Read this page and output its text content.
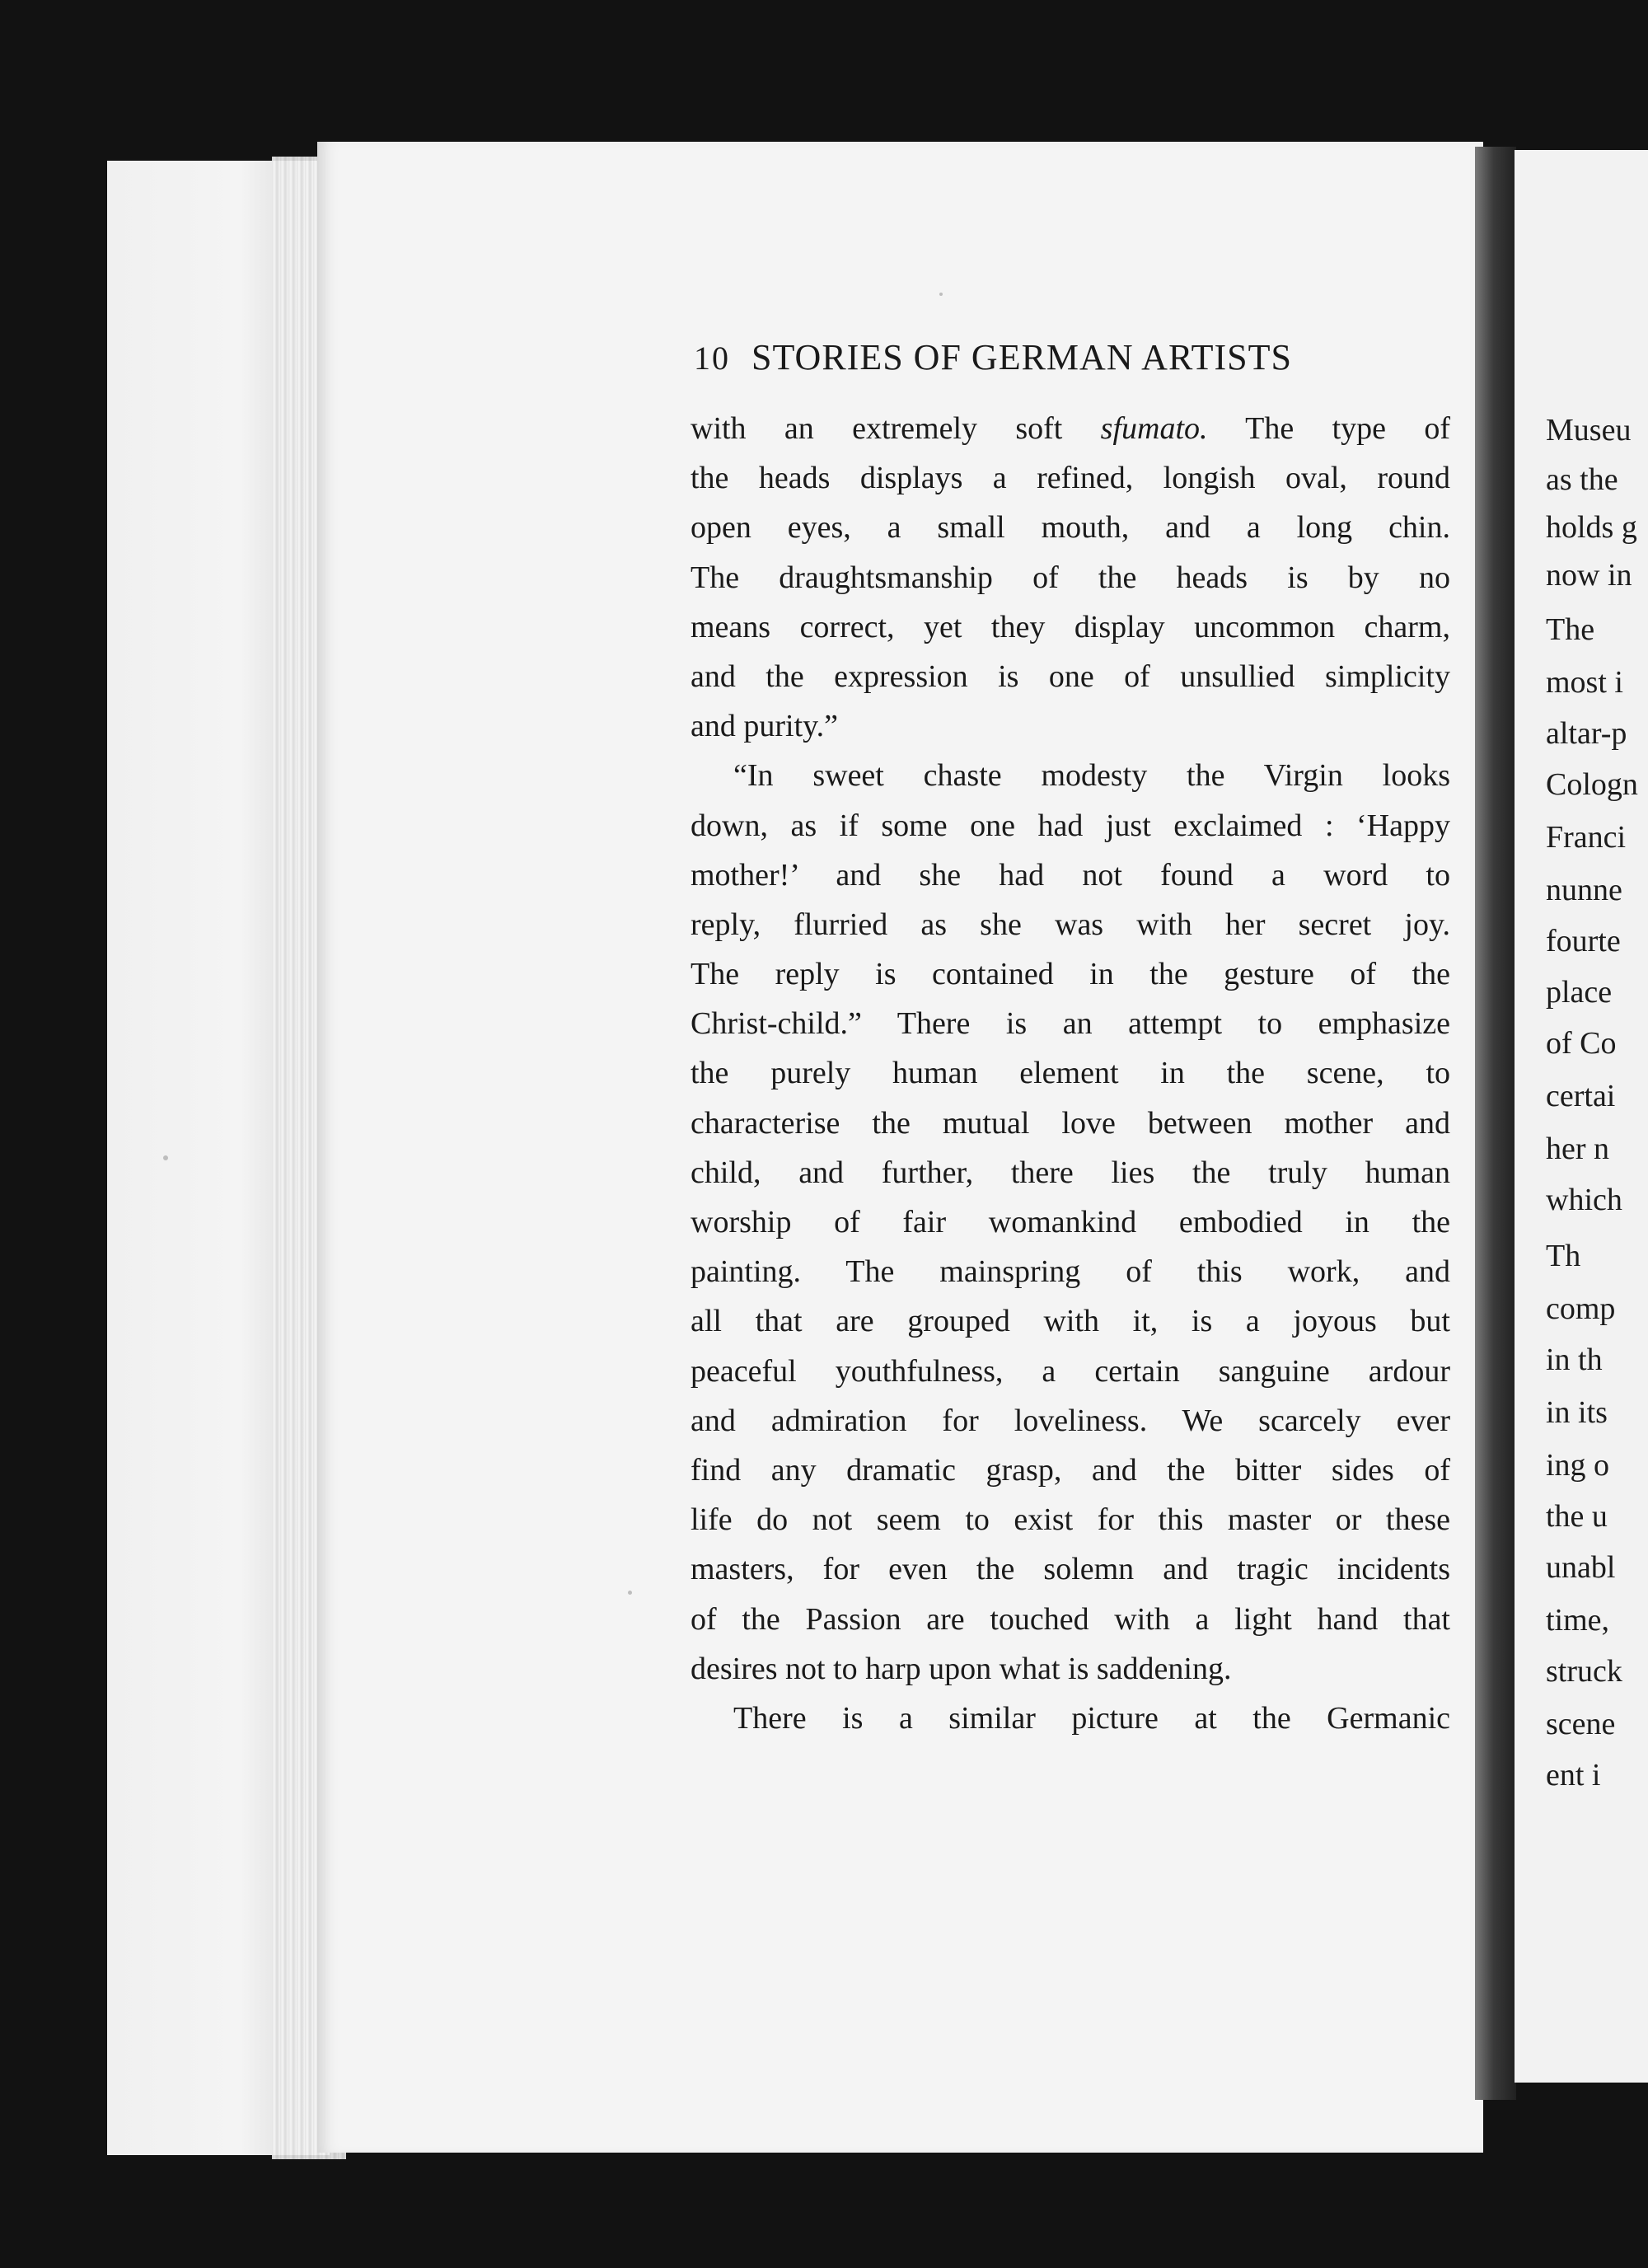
10 STORIES OF GERMAN ARTISTS
with an extremely soft sfumato. The type of
the heads displays a refined, longish oval, round
open eyes, a small mouth, and a long chin.
The draughtsmanship of the heads is by no
means correct, yet they display uncommon charm,
and the expression is one of unsullied simplicity
and purity.”
“In sweet chaste modesty the Virgin looks
down, as if some one had just exclaimed : ‘Happy
mother!’ and she had not found a word to
reply, flurried as she was with her secret joy.
The reply is contained in the gesture of the
Christ-child.” There is an attempt to emphasize
the purely human element in the scene, to
characterise the mutual love between mother and
child, and further, there lies the truly human
worship of fair womankind embodied in the
painting. The mainspring of this work, and
all that are grouped with it, is a joyous but
peaceful youthfulness, a certain sanguine ardour
and admiration for loveliness. We scarcely ever
find any dramatic grasp, and the bitter sides of
life do not seem to exist for this master or these
masters, for even the solemn and tragic incidents
of the Passion are touched with a light hand that
desires not to harp upon what is saddening.
There is a similar picture at the Germanic
Museu
as the
holds g
now in
The
most i
altar-p
Cologn
Franci
nunne
fourte
place
of Co
certai
her n
which
Th
comp
in th
in its
ing o
the u
unabl
time,
struck
scene
ent i
